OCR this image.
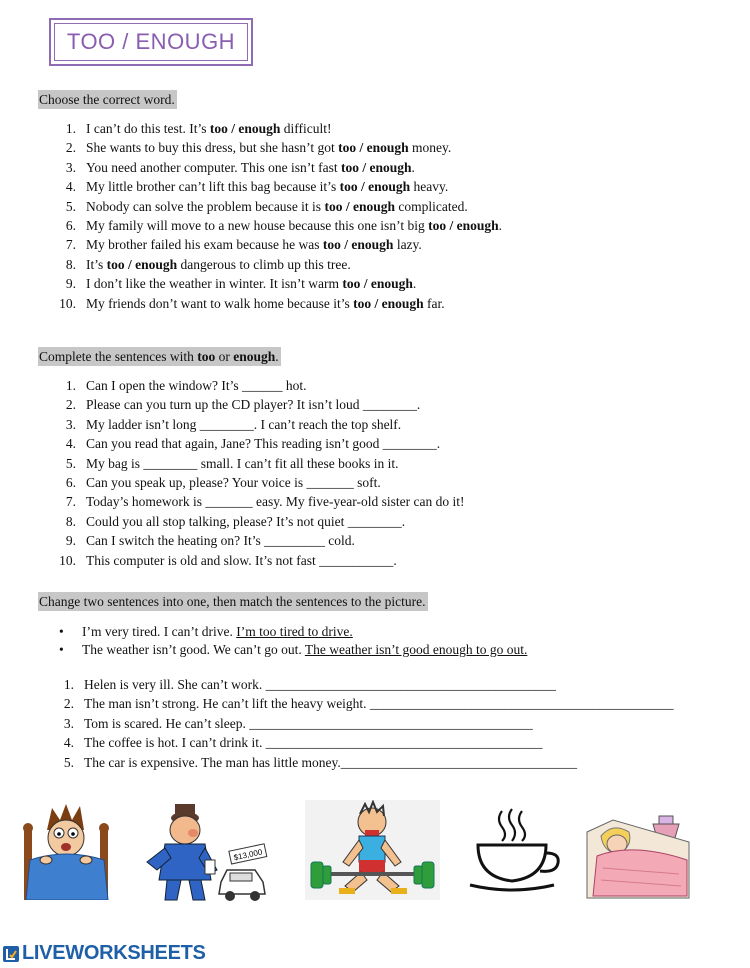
TOO / ENOUGH
Choose the correct word.
1. I can’t do this test. It’s too / enough difficult!
2. She wants to buy this dress, but she hasn’t got too / enough money.
3. You need another computer. This one isn’t fast too / enough.
4. My little brother can’t lift this bag because it’s too / enough heavy.
5. Nobody can solve the problem because it is too / enough complicated.
6. My family will move to a new house because this one isn’t big too / enough.
7. My brother failed his exam because he was too / enough lazy.
8. It’s too / enough dangerous to climb up this tree.
9. I don’t like the weather in winter. It isn’t warm too / enough.
10. My friends don’t want to walk home because it’s too / enough far.
Complete the sentences with too or enough.
1. Can I open the window? It’s ______ hot.
2. Please can you turn up the CD player? It isn’t loud ________.
3. My ladder isn’t long ________. I can’t reach the top shelf.
4. Can you read that again, Jane? This reading isn’t good ________.
5. My bag is ________ small. I can’t fit all these books in it.
6. Can you speak up, please? Your voice is _______ soft.
7. Today’s homework is _______ easy. My five-year-old sister can do it!
8. Could you all stop talking, please? It’s not quiet ________.
9. Can I switch the heating on? It’s _________ cold.
10. This computer is old and slow. It’s not fast ___________.
Change two sentences into one, then match the sentences to the picture.
• I’m very tired. I can’t drive. I’m too tired to drive.
• The weather isn’t good. We can’t go out. The weather isn’t good enough to go out.
1. Helen is very ill. She can’t work. ___________________________________________
2. The man isn’t strong. He can’t lift the heavy weight. _____________________________________________
3. Tom is scared. He can’t sleep. __________________________________________
4. The coffee is hot. I can’t drink it. _________________________________________
5. The car is expensive. The man has little money.___________________________________
$13,000
LIVEWORKSHEETS
